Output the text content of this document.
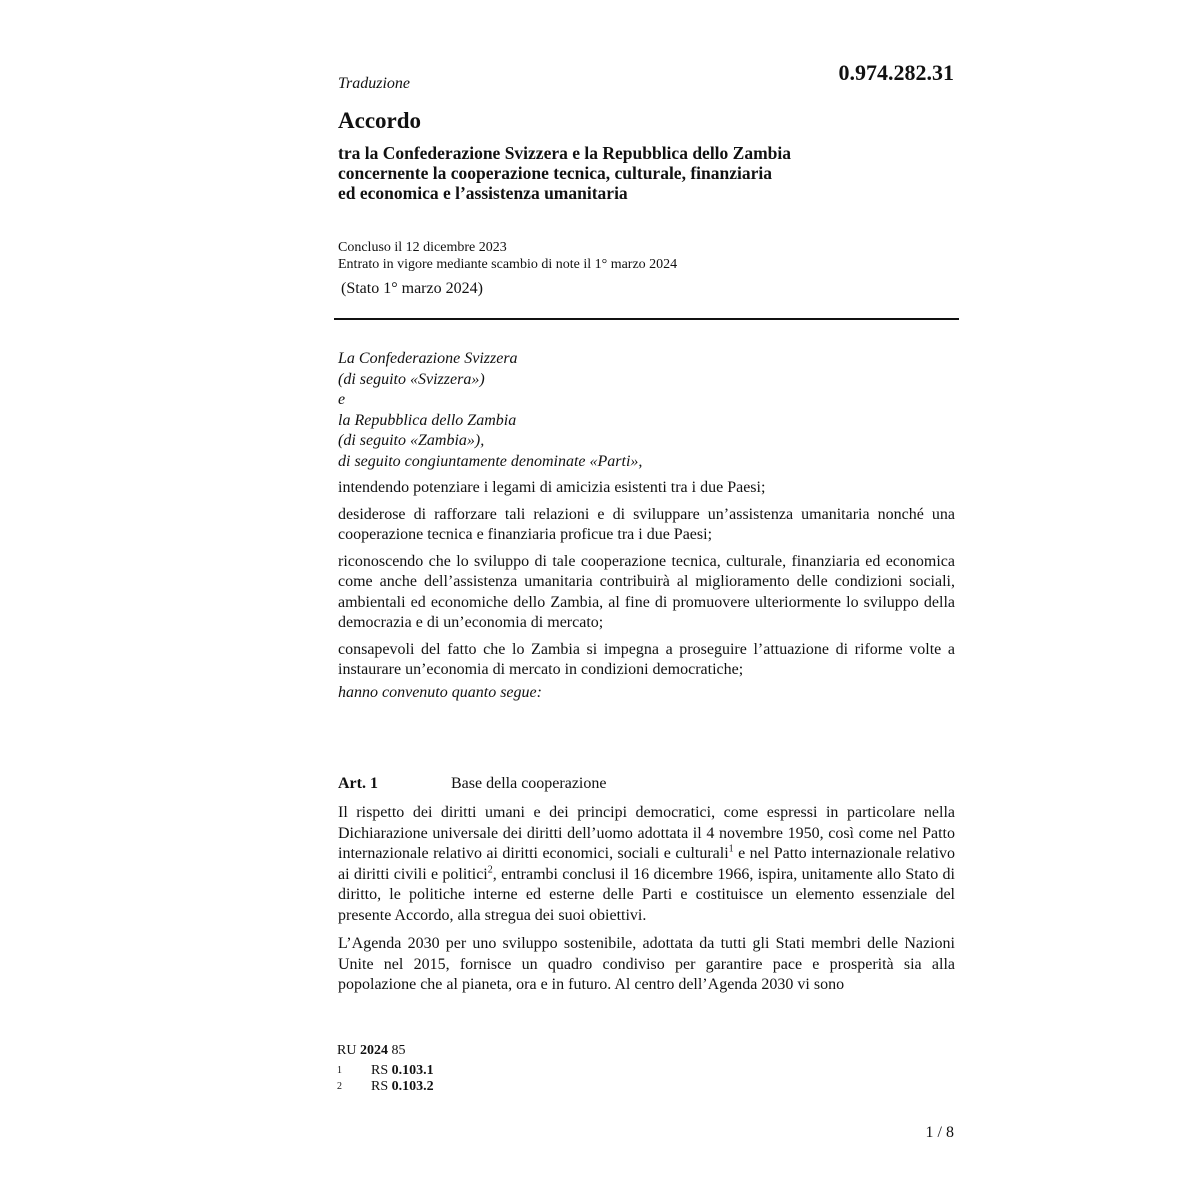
0.974.282.31
Traduzione
Accordo
tra la Confederazione Svizzera e la Repubblica dello Zambia
concernente la cooperazione tecnica, culturale, finanziaria
ed economica e l’assistenza umanitaria
Concluso il 12 dicembre 2023
Entrato in vigore mediante scambio di note il 1° marzo 2024
(Stato 1° marzo 2024)
La Confederazione Svizzera
(di seguito «Svizzera»)
e
la Repubblica dello Zambia
(di seguito «Zambia»),
di seguito congiuntamente denominate «Parti»,
intendendo potenziare i legami di amicizia esistenti tra i due Paesi;
desiderose di rafforzare tali relazioni e di sviluppare un’assistenza umanitaria nonché una cooperazione tecnica e finanziaria proficue tra i due Paesi;
riconoscendo che lo sviluppo di tale cooperazione tecnica, culturale, finanziaria ed economica come anche dell’assistenza umanitaria contribuirà al miglioramento delle condizioni sociali, ambientali ed economiche dello Zambia, al fine di promuovere ulteriormente lo sviluppo della democrazia e di un’economia di mercato;
consapevoli del fatto che lo Zambia si impegna a proseguire l’attuazione di riforme volte a instaurare un’economia di mercato in condizioni democratiche;
hanno convenuto quanto segue:
Art. 1	Base della cooperazione

Il rispetto dei diritti umani e dei principi democratici, come espressi in particolare nella Dichiarazione universale dei diritti dell’uomo adottata il 4 novembre 1950, così come nel Patto internazionale relativo ai diritti economici, sociali e culturali$^1$ e nel Patto internazionale relativo ai diritti civili e politici$^2$, entrambi conclusi il 16 dicembre 1966, ispira, unitamente allo Stato di diritto, le politiche interne ed esterne delle Parti e costituisce un elemento essenziale del presente Accordo, alla stregua dei suoi obiettivi.

L’Agenda 2030 per uno sviluppo sostenibile, adottata da tutti gli Stati membri delle Nazioni Unite nel 2015, fornisce un quadro condiviso per garantire pace e prosperità sia alla popolazione che al pianeta, ora e in futuro. Al centro dell’Agenda 2030 vi sono

RU 2024 85
1 RS 0.103.1
2 RS 0.103.2
1 / 8
